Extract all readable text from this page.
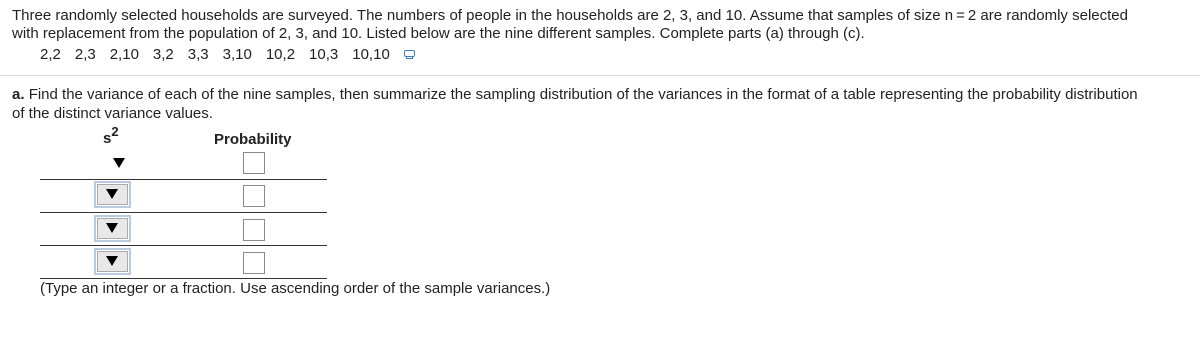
Three randomly selected households are surveyed. The numbers of people in the households are 2, 3, and 10. Assume that samples of size n = 2 are randomly selected
with replacement from the population of 2, 3, and 10. Listed below are the nine different samples. Complete parts (a) through (c).
2,2 2,3 2,10 3,2 3,3 3,10 10,2 10,3 10,10
a. Find the variance of each of the nine samples, then summarize the sampling distribution of the variances in the format of a table representing the probability distribution
of the distinct variance values.
$s^2$	Probability
(Type an integer or a fraction. Use ascending order of the sample variances.)
